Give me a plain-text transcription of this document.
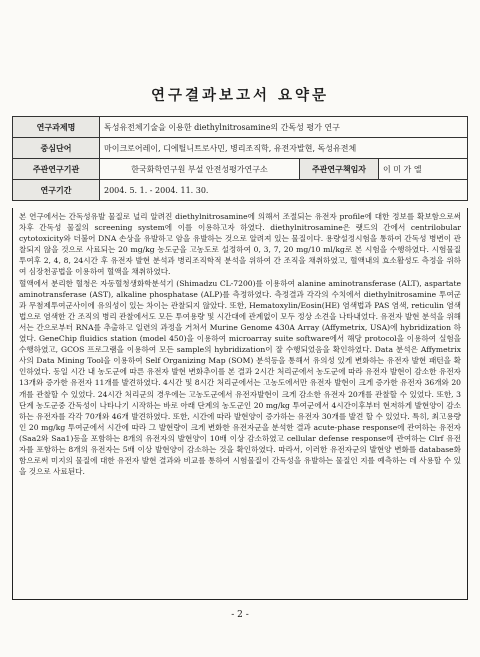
연구결과보고서 요약문
연구과제명	독성유전체기술을 이용한 diethylnitrosamine의 간독성 평가 연구		
중심단어	마이크로어레이, 디에틸니트로사민, 병리조직학, 유전자발현, 독성유전체		
주관연구기관	한국화학연구원 부설 안전성평가연구소	주관연구책임자	이 미 가 엘
연구기간	2004. 5. 1. - 2004. 11. 30.		

본 연구에서는 간독성유발 물질로 널리 알려진 diethylnitrosamine에 의해서 조절되는 유전자 profile에 대한 정보를 확보함으로써 차후 간독성 물질의 screening system에 이를 이용하고자 하였다. diethylnitrosamine은 랫드의 간에서 centrilobular cytotoxicity와 더불어 DNA 손상을 유발하고 암을 유발하는 것으로 알려져 있는 물질이다. 용량설정시험을 통하여 간독성 병변이 관찰되지 않을 것으로 사료되는 20 mg/kg 농도군을 고농도로 설정하여 0, 3, 7, 20 mg/10 ml/kg로 본 시험을 수행하였다. 시험물질 투여후 2, 4, 8, 24시간 후 유전자 발현 분석과 병리조직학적 분석을 위하여 간 조직을 채취하였고, 혈액내의 효소활성도 측정을 위하여 심장천공법을 이용하여 혈액을 채취하였다.

혈액에서 분리한 혈청은 자동혈청생화학분석기 (Shimadzu CL-7200)를 이용하여 alanine aminotransferase (ALT), aspartate aminotransferase (AST), alkaline phosphatase (ALP)를 측정하였다. 측정결과 각각의 수치에서 diethylnitrosamine 투여군과 무첨제투여군사이에 유의성이 있는 차이는 관찰되지 않았다. 또한, Hematoxylin/Eosin(HE) 염색법과 PAS 염색, reticulin 염색법으로 염색한 간 조직의 병리 관찰에서도 모든 투여용량 및 시간대에 관계없이 모두 정상 소견을 나타내었다. 유전자 발현 분석을 위해서는 간으로부터 RNA를 추출하고 일련의 과정을 거쳐서 Murine Genome 430A Array (Affymetrix, USA)에 hybridization 하였다. GeneChip fluidics station (model 450)을 이용하여 microarray suite software에서 해당 protocol을 이용하여 실험을 수행하였고, GCOS 프로그램을 이용하여 모든 sample의 hybridization이 잘 수행되었음을 확인하였다. Data 분석은 Affymetrix사의 Data Mining Tool을 이용하여 Self Organizing Map (SOM) 분석등을 통해서 유의성 있게 변화하는 유전자 발현 패턴을 확인하였다. 동일 시간 내 농도군에 따른 유전자 발현 변화추이를 본 결과 2시간 처리군에서 농도군에 따라 유전자 발현이 감소한 유전자 13개와 증가한 유전자 11개를 발견하였다. 4시간 및 8시간 처리군에서는 고농도에서만 유전자 발현이 크게 증가한 유전자 36개와 20개를 관찰할 수 있었다. 24시간 처리군의 경우에는 고농도군에서 유전자발현이 크게 감소한 유전자 20개를 관찰할 수 있었다. 또한, 3단계 농도군중 간독성이 나타나기 시작하는 바로 아래 단계의 농도군인 20 mg/kg 투여군에서 4시간이후부터 현저하게 발현양이 감소하는 유전자를 각각 70개와 46개 발견하였다. 또한, 시간에 따라 발현양이 증가하는 유전자 30개를 발견 할 수 있었다. 특히, 최고용량인 20 mg/kg 투여군에서 시간에 따라 그 발현량이 크게 변화한 유전자군을 분석한 결과 acute-phase response에 관여하는 유전자(Saa2와 Saa1)등을 포함하는 8개의 유전자의 발현양이 10배 이상 감소하였고 cellular defense response에 관여하는 Clrf 유전자를 포함하는 8개의 유전자는 5배 이상 발현양이 감소하는 것을 확인하였다. 따라서, 이러한 유전자군의 발현양 변화를 database화함으로써 미지의 물질에 대한 유전자 발현 결과와 비교를 통하여 시험물질이 간독성을 유발하는 물질인 지를 예측하는 데 사용할 수 있을 것으로 사료된다.

- 2 -
